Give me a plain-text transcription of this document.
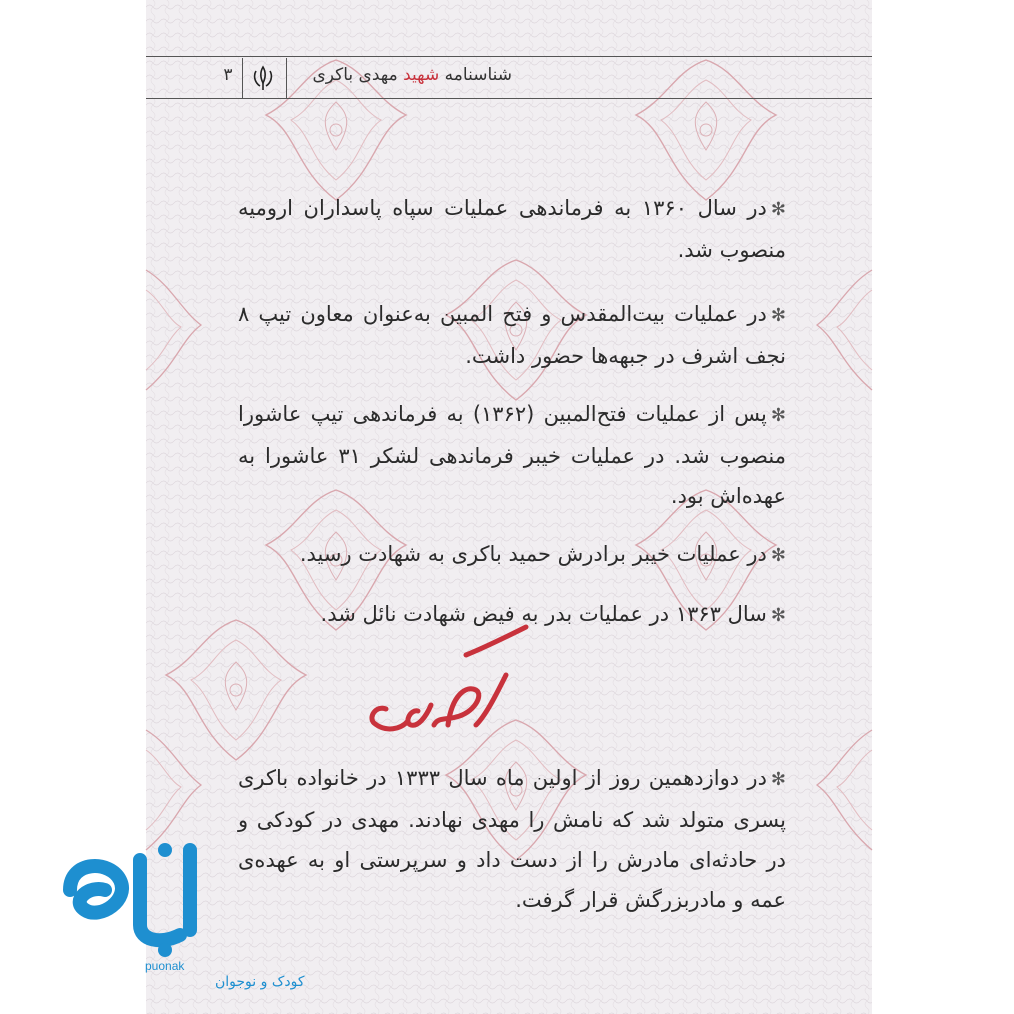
شناسنامه شهید مهدی باکری
۳
✻در سال ۱۳۶۰ به فرماندهی عملیات سپاه پاسداران ارومیه منصوب شد.
✻در عملیات بیت‌المقدس و فتح المبین به‌عنوان معاون تیپ ۸ نجف اشرف در جبهه‌ها حضور داشت.
✻پس از عملیات فتح‌المبین (۱۳۶۲) به فرماندهی تیپ عاشورا منصوب شد. در عملیات خیبر فرماندهی لشکر ۳۱ عاشورا به عهده‌اش بود.
✻در عملیات خیبر برادرش حمید باکری به شهادت رسید.
✻سال ۱۳۶۳ در عملیات بدر به فیض شهادت نائل شد.
✻در دوازدهمین روز از اولین ماه سال ۱۳۳۳ در خانواده باکری پسری متولد شد که نامش را مهدی نهادند. مهدی در کودکی و در حادثه‌ای مادرش را از دست داد و سرپرستی او به عهده‌ی عمه و مادربزرگش قرار گرفت.
puonak
کودک و نوجوان
